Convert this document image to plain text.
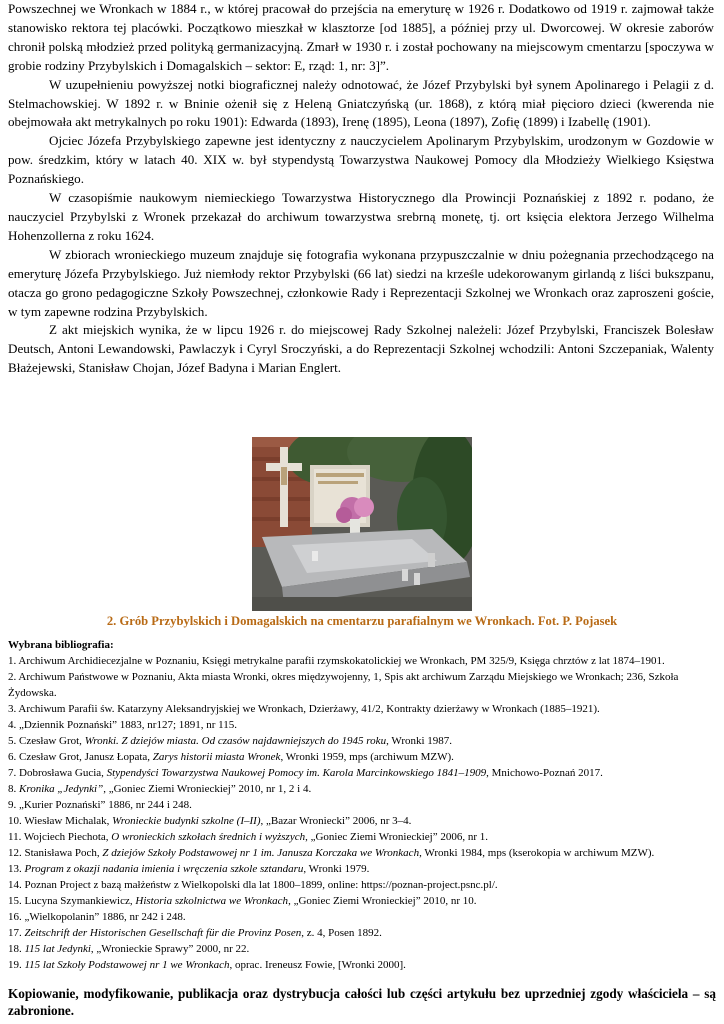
Powszechnej we Wronkach w 1884 r., w której pracował do przejścia na emeryturę w 1926 r. Dodatkowo od 1919 r. zajmował także stanowisko rektora tej placówki. Początkowo mieszkał w klasztorze [od 1885], a później przy ul. Dworcowej. W okresie zaborów chronił polską młodzież przed polityką germanizacyjną. Zmarł w 1930 r. i został pochowany na miejscowym cmentarzu [spoczywa w grobie rodziny Przybylskich i Domagalskich – sektor: E, rząd: 1, nr: 3]”.

W uzupełnieniu powyższej notki biograficznej należy odnotować, że Józef Przybylski był synem Apolinarego i Pelagii z d. Stelmachowskiej. W 1892 r. w Bninie ożenił się z Heleną Gniatczyńską (ur. 1868), z którą miał pięcioro dzieci (kwerenda nie obejmowała akt metrykalnych po roku 1901): Edwarda (1893), Irenę (1895), Leona (1897), Zofię (1899) i Izabellę (1901).

Ojciec Józefa Przybylskiego zapewne jest identyczny z nauczycielem Apolinarym Przybylskim, urodzonym w Gozdowie w pow. średzkim, który w latach 40. XIX w. był stypendystą Towarzystwa Naukowej Pomocy dla Młodzieży Wielkiego Księstwa Poznańskiego.

W czasopiśmie naukowym niemieckiego Towarzystwa Historycznego dla Prowincji Poznańskiej z 1892 r. podano, że nauczyciel Przybylski z Wronek przekazał do archiwum towarzystwa srebrną monetę, tj. ort księcia elektora Jerzego Wilhelma Hohenzollerna z roku 1624.

W zbiorach wronieckiego muzeum znajduje się fotografia wykonana przypuszczalnie w dniu pożegnania przechodzącego na emeryturę Józefa Przybylskiego. Już niemłody rektor Przybylski (66 lat) siedzi na krześle udekorowanym girlandą z liści bukszpanu, otacza go grono pedagogiczne Szkoły Powszechnej, członkowie Rady i Reprezentacji Szkolnej we Wronkach oraz zaproszeni goście, w tym zapewne rodzina Przybylskich.

Z akt miejskich wynika, że w lipcu 1926 r. do miejscowej Rady Szkolnej należeli: Józef Przybylski, Franciszek Bolesław Deutsch, Antoni Lewandowski, Pawlaczyk i Cyryl Sroczyński, a do Reprezentacji Szkolnej wchodzili: Antoni Szczepaniak, Walenty Błażejewski, Stanisław Chojan, Józef Badyna i Marian Englert.

2. Grób Przybylskich i Domagalskich na cmentarzu parafialnym we Wronkach. Fot. P. Pojasek
Wybrana bibliografia:
1. Archiwum Archidiecezjalne w Poznaniu, Księgi metrykalne parafii rzymskokatolickiej we Wronkach, PM 325/9, Księga chrztów z lat 1874–1901.
2. Archiwum Państwowe w Poznaniu, Akta miasta Wronki, okres międzywojenny, 1, Spis akt archiwum Zarządu Miejskiego we Wronkach; 236, Szkoła Żydowska.
3. Archiwum Parafii św. Katarzyny Aleksandryjskiej we Wronkach, Dzierżawy, 41/2, Kontrakty dzierżawy w Wronkach (1885–1921).
4. „Dziennik Poznański” 1883, nr127; 1891, nr 115.
5. Czesław Grot, Wronki. Z dziejów miasta. Od czasów najdawniejszych do 1945 roku, Wronki 1987.
6. Czesław Grot, Janusz Łopata, Zarys historii miasta Wronek, Wronki 1959, mps (archiwum MZW).
7. Dobrosława Gucia, Stypendyści Towarzystwa Naukowej Pomocy im. Karola Marcinkowskiego 1841–1909, Mnichowo-Poznań 2017.
8. Kronika „Jedynki”, „Goniec Ziemi Wronieckiej” 2010, nr 1, 2 i 4.
9. „Kurier Poznański” 1886, nr 244 i 248.
10. Wiesław Michalak, Wronieckie budynki szkolne (I–II), „Bazar Wroniecki” 2006, nr 3–4.
11. Wojciech Piechota, O wronieckich szkołach średnich i wyższych, „Goniec Ziemi Wronieckiej” 2006, nr 1.
12. Stanisława Poch, Z dziejów Szkoły Podstawowej nr 1 im. Janusza Korczaka we Wronkach, Wronki 1984, mps (kserokopia w archiwum MZW).
13. Program z okazji nadania imienia i wręczenia szkole sztandaru, Wronki 1979.
14. Poznan Project z bazą małżeństw z Wielkopolski dla lat 1800–1899, online: https://poznan-project.psnc.pl/.
15. Lucyna Szymankiewicz, Historia szkolnictwa we Wronkach, „Goniec Ziemi Wronieckiej” 2010, nr 10.
16. „Wielkopolanin” 1886, nr 242 i 248.
17. Zeitschrift der Historischen Gesellschaft für die Provinz Posen, z. 4, Posen 1892.
18. 115 lat Jedynki, „Wronieckie Sprawy” 2000, nr 22.
19. 115 lat Szkoły Podstawowej nr 1 we Wronkach, oprac. Ireneusz Fowie, [Wronki 2000].
Kopiowanie, modyfikowanie, publikacja oraz dystrybucja całości lub części artykułu bez uprzedniej zgody właściciela – są zabronione.
